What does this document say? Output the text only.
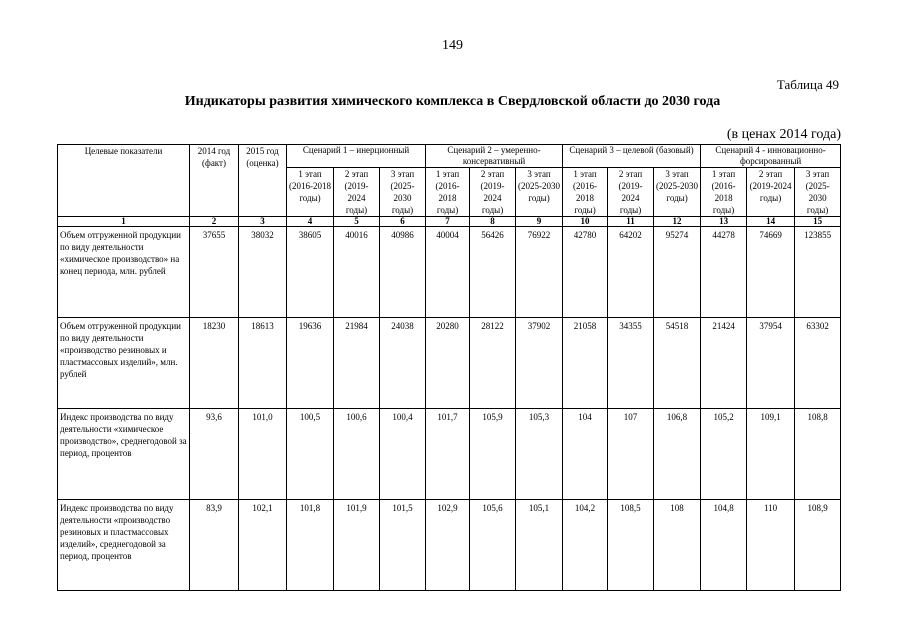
149
Таблица 49
Индикаторы развития химического комплекса в Свердловской области до 2030 года
(в ценах 2014 года)
Целевые показатели	2014 год (факт)	2015 год (оценка)	Сценарий 1 – инерционный			Сценарий 2 – умеренно-консервативный			Сценарий 3 – целевой (базовый)			Сценарий 4 - инновационно-форсированный		

			1 этап (2016-2018 годы)	2 этап (2019-2024 годы)	3 этап (2025-2030 годы)	1 этап (2016-2018 годы)	2 этап (2019-2024 годы)	3 этап (2025-2030 годы)	1 этап (2016-2018 годы)	2 этап (2019-2024 годы)	3 этап (2025-2030 годы)	1 этап (2016-2018 годы)	2 этап (2019-2024 годы)	3 этап (2025-2030 годы)
1	2	3	4	5	6	7	8	9	10	11	12	13	14	15
Объем отгруженной продукции по виду деятельности «химическое производство» на конец периода, млн. рублей	37655	38032	38605	40016	40986	40004	56426	76922	42780	64202	95274	44278	74669	123855
Объем отгруженной продукции по виду деятельности «производство резиновых и пластмассовых изделий», млн. рублей	18230	18613	19636	21984	24038	20280	28122	37902	21058	34355	54518	21424	37954	63302
Индекс производства по виду деятельности «химическое производство», среднегодовой за период, процентов	93,6	101,0	100,5	100,6	100,4	101,7	105,9	105,3	104	107	106,8	105,2	109,1	108,8
Индекс производства по виду деятельности «производство резиновых и пластмассовых изделий», среднегодовой за период, процентов	83,9	102,1	101,8	101,9	101,5	102,9	105,6	105,1	104,2	108,5	108	104,8	110	108,9
